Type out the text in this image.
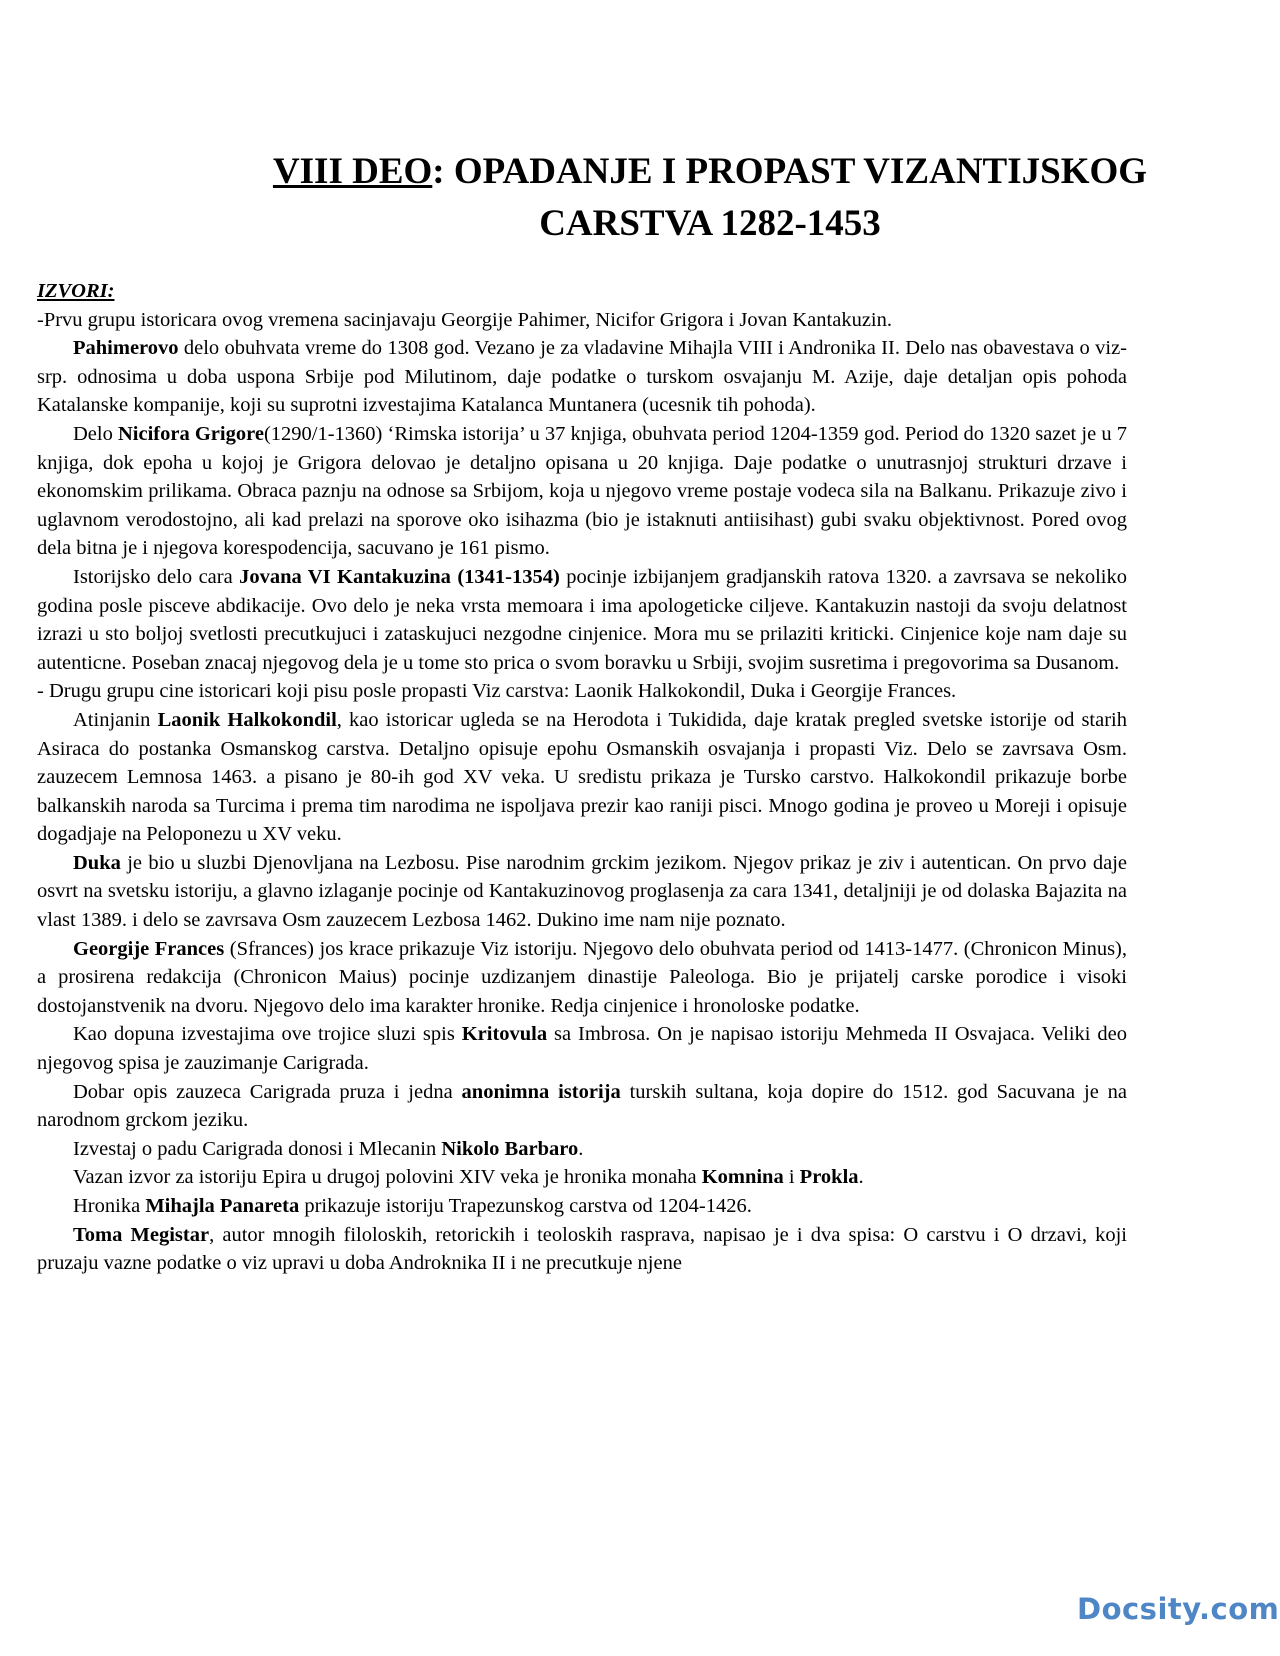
VIII DEO: OPADANJE I PROPAST VIZANTIJSKOG
CARSTVA 1282-1453
IZVORI:

-Prvu grupu istoricara ovog vremena sacinjavaju Georgije Pahimer, Nicifor Grigora i Jovan Kantakuzin.

Pahimerovo delo obuhvata vreme do 1308 god. Vezano je za vladavine Mihajla VIII i Andronika II. Delo nas obavestava o viz-srp. odnosima u doba uspona Srbije pod Milutinom, daje podatke o turskom osvajanju M. Azije, daje detaljan opis pohoda Katalanske kompanije, koji su suprotni izvestajima Katalanca Muntanera (ucesnik tih pohoda).

Delo Nicifora Grigore(1290/1-1360) ‘Rimska istorija’ u 37 knjiga, obuhvata period 1204-1359 god. Period do 1320 sazet je u 7 knjiga, dok epoha u kojoj je Grigora delovao je detaljno opisana u 20 knjiga. Daje podatke o unutrasnjoj strukturi drzave i ekonomskim prilikama. Obraca paznju na odnose sa Srbijom, koja u njegovo vreme postaje vodeca sila na Balkanu. Prikazuje zivo i uglavnom verodostojno, ali kad prelazi na sporove oko isihazma (bio je istaknuti antiisihast) gubi svaku objektivnost. Pored ovog dela bitna je i njegova korespodencija, sacuvano je 161 pismo.

Istorijsko delo cara Jovana VI Kantakuzina (1341-1354) pocinje izbijanjem gradjanskih ratova 1320. a zavrsava se nekoliko godina posle pisceve abdikacije. Ovo delo je neka vrsta memoara i ima apologeticke ciljeve. Kantakuzin nastoji da svoju delatnost izrazi u sto boljoj svetlosti precutkujuci i zataskujuci nezgodne cinjenice. Mora mu se prilaziti kriticki. Cinjenice koje nam daje su autenticne. Poseban znacaj njegovog dela je u tome sto prica o svom boravku u Srbiji, svojim susretima i pregovorima sa Dusanom.

- Drugu grupu cine istoricari koji pisu posle propasti Viz carstva: Laonik Halkokondil, Duka i Georgije Frances.

Atinjanin Laonik Halkokondil, kao istoricar ugleda se na Herodota i Tukidida, daje kratak pregled svetske istorije od starih Asiraca do postanka Osmanskog carstva. Detaljno opisuje epohu Osmanskih osvajanja i propasti Viz. Delo se zavrsava Osm. zauzecem Lemnosa 1463. a pisano je 80-ih god XV veka. U sredistu prikaza je Tursko carstvo. Halkokondil prikazuje borbe balkanskih naroda sa Turcima i prema tim narodima ne ispoljava prezir kao raniji pisci. Mnogo godina je proveo u Moreji i opisuje dogadjaje na Peloponezu u XV veku.

Duka je bio u sluzbi Djenovljana na Lezbosu. Pise narodnim grckim jezikom. Njegov prikaz je ziv i autentican. On prvo daje osvrt na svetsku istoriju, a glavno izlaganje pocinje od Kantakuzinovog proglasenja za cara 1341, detaljniji je od dolaska Bajazita na vlast 1389. i delo se zavrsava Osm zauzecem Lezbosa 1462. Dukino ime nam nije poznato.

Georgije Frances (Sfrances) jos krace prikazuje Viz istoriju. Njegovo delo obuhvata period od 1413-1477. (Chronicon Minus), a prosirena redakcija (Chronicon Maius) pocinje uzdizanjem dinastije Paleologa. Bio je prijatelj carske porodice i visoki dostojanstvenik na dvoru. Njegovo delo ima karakter hronike. Redja cinjenice i hronoloske podatke.

Kao dopuna izvestajima ove trojice sluzi spis Kritovula sa Imbrosa. On je napisao istoriju Mehmeda II Osvajaca. Veliki deo njegovog spisa je zauzimanje Carigrada.

Dobar opis zauzeca Carigrada pruza i jedna anonimna istorija turskih sultana, koja dopire do 1512. god Sacuvana je na narodnom grckom jeziku.

Izvestaj o padu Carigrada donosi i Mlecanin Nikolo Barbaro.

Vazan izvor za istoriju Epira u drugoj polovini XIV veka je hronika monaha Komnina i Prokla.

Hronika Mihajla Panareta prikazuje istoriju Trapezunskog carstva od 1204-1426.

Toma Megistar, autor mnogih filoloskih, retorickih i teoloskih rasprava, napisao je i dva spisa: O carstvu i O drzavi, koji pruzaju vazne podatke o viz upravi u doba Androknika II i ne precutkuje njene

Docsity.com
